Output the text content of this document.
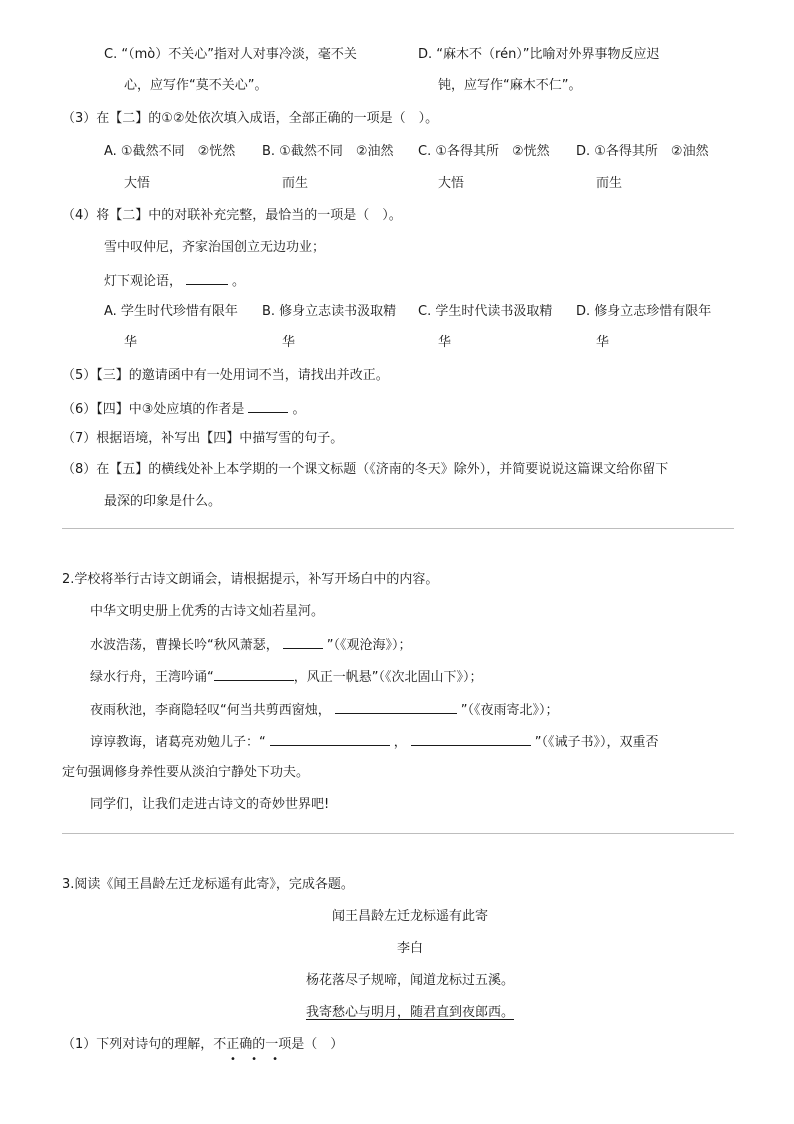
C. “（mò）不关心”指对人对事冷淡，毫不关
心，应写作“莫不关心”。
D. “麻木不（rén）”比喻对外界事物反应迟
钝，应写作“麻木不仁”。
（3）在【二】的①②处依次填入成语，全部正确的一项是（　）。
A. ①截然不同　②恍然
大悟
B. ①截然不同　②油然
而生
C. ①各得其所　②恍然
大悟
D. ①各得其所　②油然
而生
（4）将【二】中的对联补充完整，最恰当的一项是（　）。
雪中叹仲尼，齐家治国创立无边功业；
灯下观论语，	。
A. 学生时代珍惜有限年
华
B. 修身立志读书汲取精
华
C. 学生时代读书汲取精
华
D. 修身立志珍惜有限年
华
（5）【三】的邀请函中有一处用词不当，请找出并改正。
（6）【四】中③处应填的作者是	。
（7）根据语境，补写出【四】中描写雪的句子。
（8）在【五】的横线处补上本学期的一个课文标题（《济南的冬天》除外），并简要说说这篇课文给你留下
最深的印象是什么。
2.学校将举行古诗文朗诵会，请根据提示，补写开场白中的内容。
中华文明史册上优秀的古诗文灿若星河。
水波浩荡，曹操长吟“秋风萧瑟，	”（《观沧海》）；
绿水行舟，王湾吟诵“	，风正一帆悬”（《次北固山下》）；
夜雨秋池，李商隐轻叹“何当共剪西窗烛，	”（《夜雨寄北》）；
谆谆教诲，诸葛亮劝勉儿子：“	，	”（《诫子书》），双重否
定句强调修身养性要从淡泊宁静处下功夫。
同学们，让我们走进古诗文的奇妙世界吧!
3.阅读《闻王昌龄左迁龙标遥有此寄》，完成各题。
闻王昌龄左迁龙标遥有此寄
李白
杨花落尽子规啼，闻道龙标过五溪。
我寄愁心与明月，随君直到夜郎西。
（1）下列对诗句的理解，不正确的一项是（　）
• • •
